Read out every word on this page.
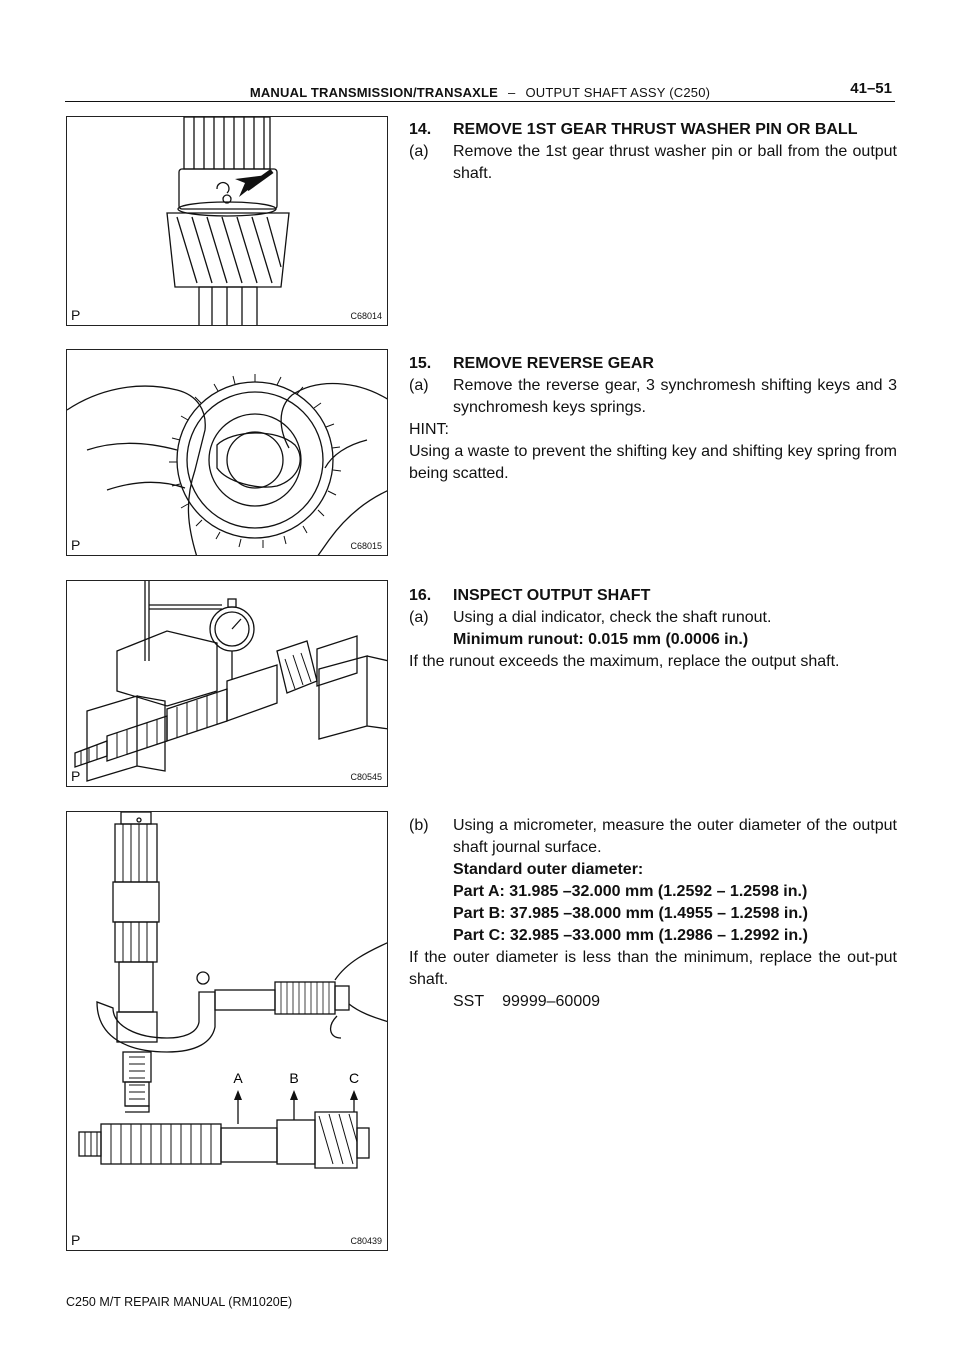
MANUAL TRANSMISSION/TRANSAXLE – OUTPUT SHAFT ASSY (C250)	41–51
P	C68014
P	C68015
P	C80545
A	B	C
P	C80439
14.	REMOVE 1ST GEAR THRUST WASHER PIN OR BALL
(a)	Remove the 1st gear thrust washer pin or ball from the output shaft.
15.	REMOVE REVERSE GEAR
(a)	Remove the reverse gear, 3 synchromesh shifting keys and 3 synchromesh keys springs.
HINT:
Using a waste to prevent the shifting key and shifting key spring from being scatted.
16.	INSPECT OUTPUT SHAFT
(a)	Using a dial indicator, check the shaft runout.
Minimum runout: 0.015 mm (0.0006 in.)
If the runout exceeds the maximum, replace the output shaft.
(b)	Using a micrometer, measure the outer diameter of the output shaft journal surface.
Standard outer diameter:
Part A: 31.985 –32.000 mm (1.2592 – 1.2598 in.)
Part B: 37.985 –38.000 mm (1.4955 – 1.2598 in.)
Part C: 32.985 –33.000 mm (1.2986 – 1.2992 in.)
If the outer diameter is less than the minimum, replace the out-put shaft.
SST 99999–60009
C250 M/T REPAIR MANUAL (RM1020E)
